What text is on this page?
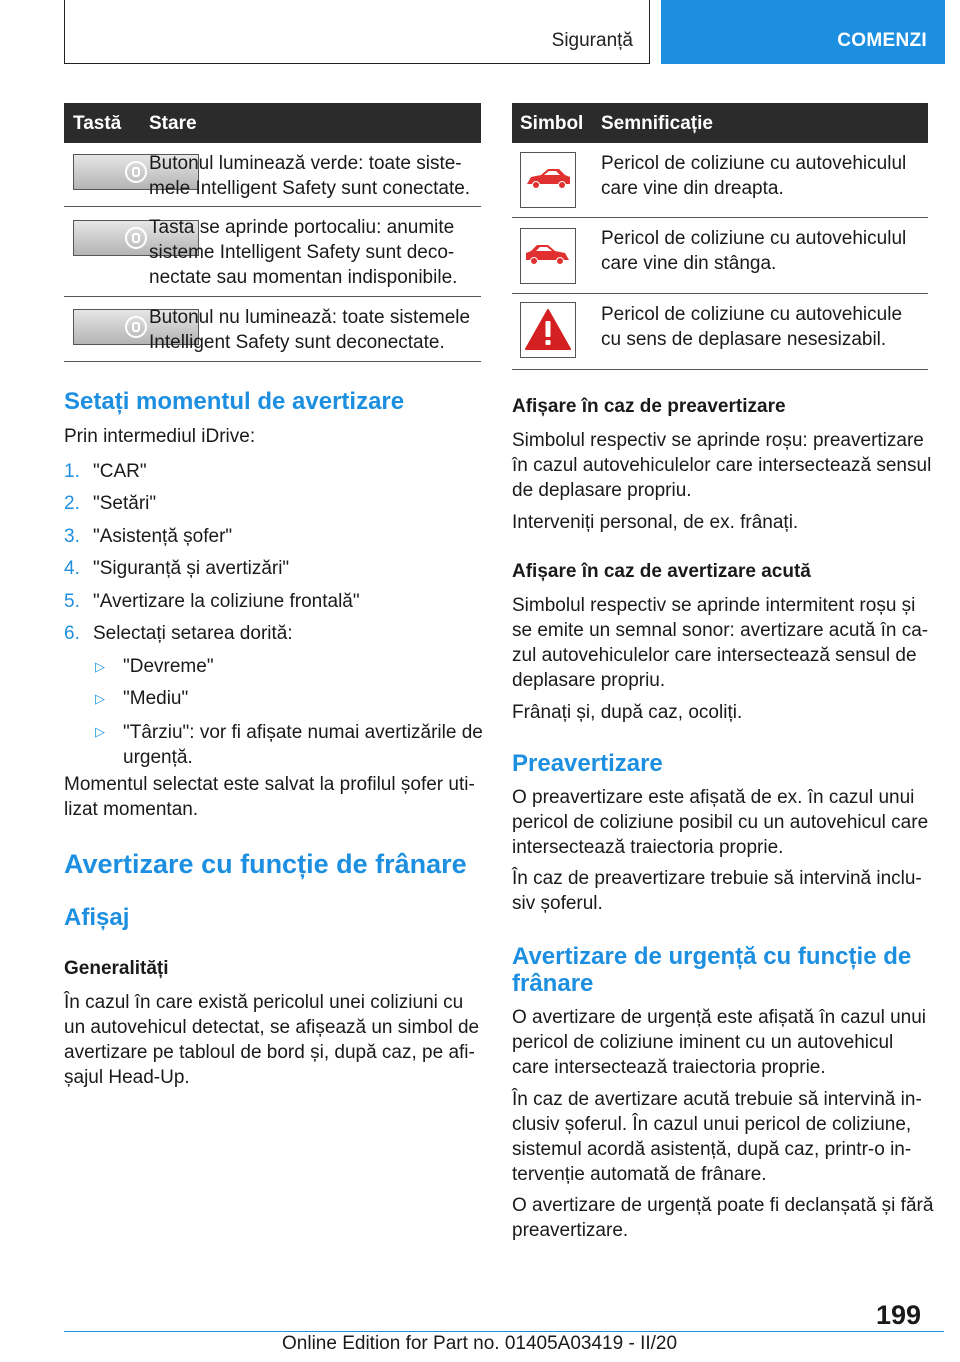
Siguranță	COMENZI
Tastă Stare
Butonul luminează verde: toate siste-
mele Intelligent Safety sunt conectate.
Tasta se aprinde portocaliu: anumite
sisteme Intelligent Safety sunt deco-
nectate sau momentan indisponibile.
Butonul nu luminează: toate sistemele
Intelligent Safety sunt deconectate.
Simbol Semnificație
Pericol de coliziune cu autovehiculul
care vine din dreapta.
Pericol de coliziune cu autovehiculul
care vine din stânga.
Pericol de coliziune cu autovehicule
cu sens de deplasare nesesizabil.
Setați momentul de avertizare
Prin intermediul iDrive:
1. "CAR"
2. "Setări"
3. "Asistență șofer"
4. "Siguranță și avertizări"
5. "Avertizare la coliziune frontală"
6. Selectați setarea dorită:
▷ "Devreme"
▷ "Mediu"
▷ "Târziu": vor fi afișate numai avertizările de
urgență.
Momentul selectat este salvat la profilul șofer uti-
lizat momentan.
Avertizare cu funcție de frânare
Afișaj
Generalități
În cazul în care există pericolul unei coliziuni cu
un autovehicul detectat, se afișează un simbol de
avertizare pe tabloul de bord și, după caz, pe afi-
șajul Head-Up.
Afișare în caz de preavertizare
Simbolul respectiv se aprinde roșu: preavertizare
în cazul autovehiculelor care intersectează sensul
de deplasare propriu.
Interveniți personal, de ex. frânați.
Afișare în caz de avertizare acută
Simbolul respectiv se aprinde intermitent roșu și
se emite un semnal sonor: avertizare acută în ca-
zul autovehiculelor care intersectează sensul de
deplasare propriu.
Frânați și, după caz, ocoliți.
Preavertizare
O preavertizare este afișată de ex. în cazul unui
pericol de coliziune posibil cu un autovehicul care
intersectează traiectoria proprie.
În caz de preavertizare trebuie să intervină inclu-
siv șoferul.
Avertizare de urgență cu funcție de
frânare
O avertizare de urgență este afișată în cazul unui
pericol de coliziune iminent cu un autovehicul
care intersectează traiectoria proprie.
În caz de avertizare acută trebuie să intervină in-
clusiv șoferul. În cazul unui pericol de coliziune,
sistemul acordă asistență, după caz, printr-o in-
tervenție automată de frânare.
O avertizare de urgență poate fi declanșată și fără
preavertizare.
199
Online Edition for Part no. 01405A03419 - II/20
